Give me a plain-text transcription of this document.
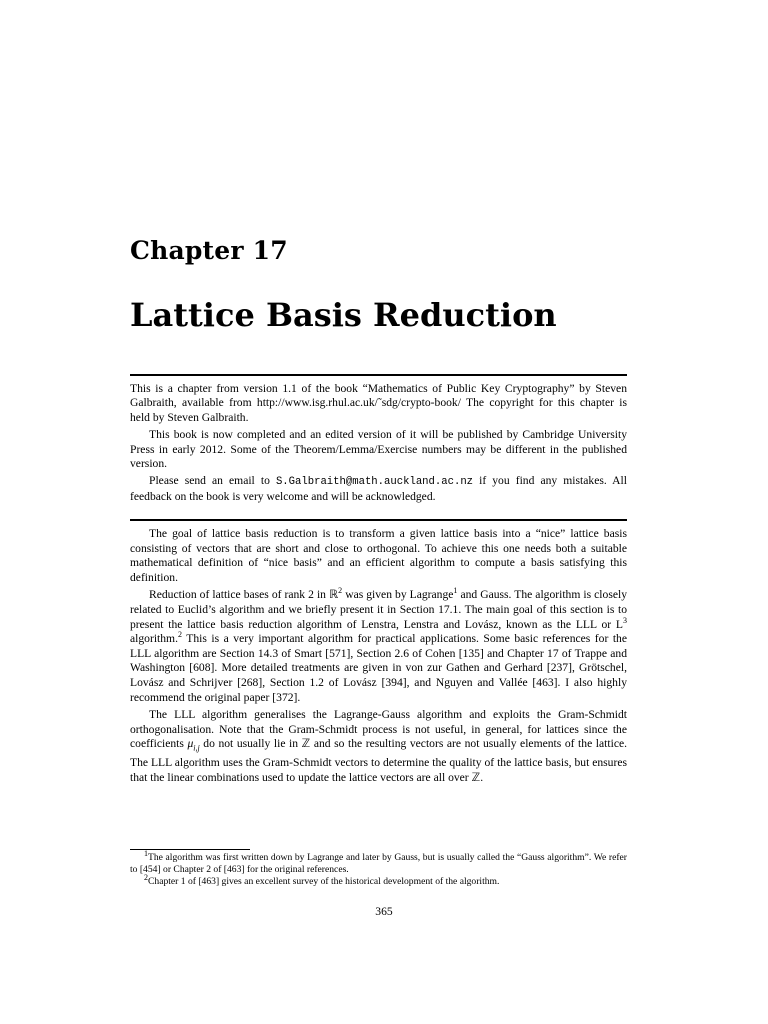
Chapter 17
Lattice Basis Reduction

This is a chapter from version 1.1 of the book “Mathematics of Public Key Cryptography” by Steven Galbraith, available from http://www.isg.rhul.ac.uk/˜sdg/crypto-book/ The copyright for this chapter is held by Steven Galbraith.

This book is now completed and an edited version of it will be published by Cambridge University Press in early 2012. Some of the Theorem/Lemma/Exercise numbers may be different in the published version.

Please send an email to S.Galbraith@math.auckland.ac.nz if you find any mistakes. All feedback on the book is very welcome and will be acknowledged.

The goal of lattice basis reduction is to transform a given lattice basis into a “nice” lattice basis consisting of vectors that are short and close to orthogonal. To achieve this one needs both a suitable mathematical definition of “nice basis” and an efficient algorithm to compute a basis satisfying this definition.

Reduction of lattice bases of rank 2 in ℝ$^2$ was given by Lagrange$^1$ and Gauss. The algorithm is closely related to Euclid’s algorithm and we briefly present it in Section 17.1. The main goal of this section is to present the lattice basis reduction algorithm of Lenstra, Lenstra and Lovász, known as the LLL or $L^3$ algorithm.$^2$ This is a very important algorithm for practical applications. Some basic references for the LLL algorithm are Section 14.3 of Smart [571], Section 2.6 of Cohen [135] and Chapter 17 of Trappe and Washington [608]. More detailed treatments are given in von zur Gathen and Gerhard [237], Grötschel, Lovász and Schrijver [268], Section 1.2 of Lovász [394], and Nguyen and Vallée [463]. I also highly recommend the original paper [372].

The LLL algorithm generalises the Lagrange-Gauss algorithm and exploits the Gram-Schmidt orthogonalisation. Note that the Gram-Schmidt process is not useful, in general, for lattices since the coefficients $\mu_{i,j}$ do not usually lie in ℤ and so the resulting vectors are not usually elements of the lattice. The LLL algorithm uses the Gram-Schmidt vectors to determine the quality of the lattice basis, but ensures that the linear combinations used to update the lattice vectors are all over ℤ.

$^1$The algorithm was first written down by Lagrange and later by Gauss, but is usually called the “Gauss algorithm”. We refer to [454] or Chapter 2 of [463] for the original references.

$^2$Chapter 1 of [463] gives an excellent survey of the historical development of the algorithm.

365
